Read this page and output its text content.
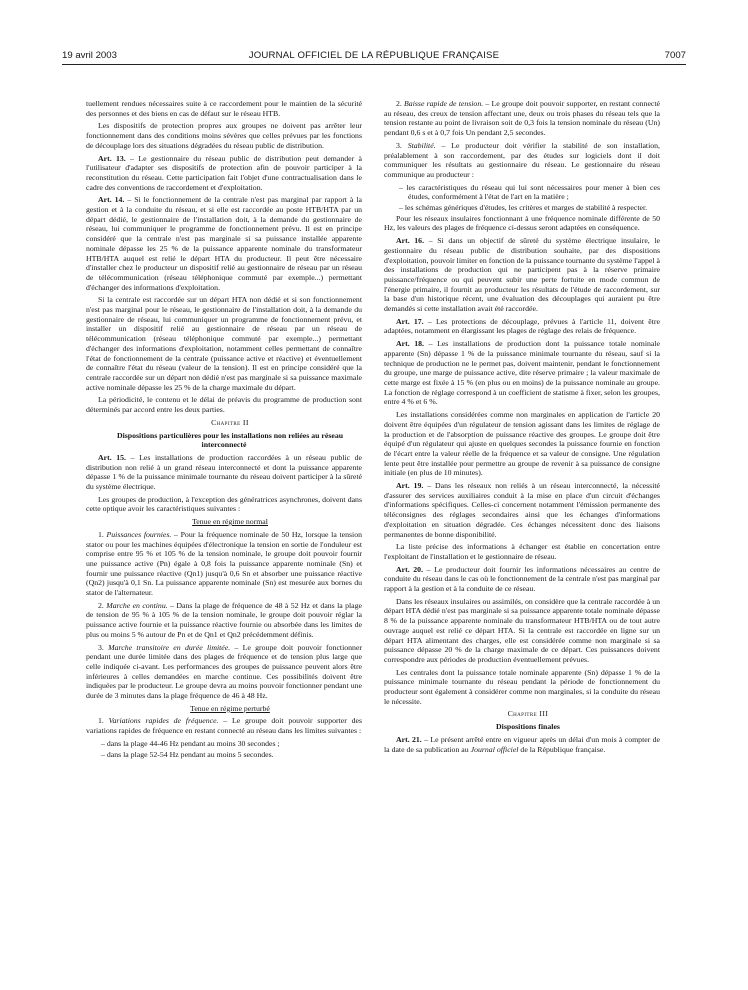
19 avril 2003	JOURNAL OFFICIEL DE LA RÉPUBLIQUE FRANÇAISE	7007

tuellement rendues nécessaires suite à ce raccordement pour le maintien de la sécurité des personnes et des biens en cas de défaut sur le réseau HTB.

Les dispositifs de protection propres aux groupes ne doivent pas arrêter leur fonctionnement dans des conditions moins sévères que celles prévues par les fonctions de découplage lors des situations dégradées du réseau public de distribution.

Art. 13. – Le gestionnaire du réseau public de distribution peut demander à l'utilisateur d'adapter ses dispositifs de protection afin de pouvoir participer à la reconstitution du réseau. Cette participation fait l'objet d'une contractualisation dans le cadre des conventions de raccordement et d'exploitation.

Art. 14. – Si le fonctionnement de la centrale n'est pas marginal par rapport à la gestion et à la conduite du réseau, et si elle est raccordée au poste HTB/HTA par un départ dédié, le gestionnaire de l'installation doit, à la demande du gestionnaire de réseau, lui communiquer le programme de fonctionnement prévu. Il est en principe considéré que la centrale n'est pas marginale si sa puissance installée apparente nominale dépasse les 25 % de la puissance apparente nominale du transformateur HTB/HTA auquel est relié le départ HTA du producteur. Il peut être nécessaire d'installer chez le producteur un dispositif relié au gestionnaire de réseau par un réseau de télécommunication (réseau téléphonique commuté par exemple...) permettant d'échanger des informations d'exploitation.

Si la centrale est raccordée sur un départ HTA non dédié et si son fonctionnement n'est pas marginal pour le réseau, le gestionnaire de l'installation doit, à la demande du gestionnaire de réseau, lui communiquer un programme de fonctionnement prévu, et installer un dispositif relié au gestionnaire de réseau par un réseau de télécommunication (réseau téléphonique commuté par exemple...) permettant d'échanger des informations d'exploitation, notamment celles permettant de connaître l'état de fonctionnement de la centrale (puissance active et réactive) et éventuellement de connaître l'état du réseau (valeur de la tension). Il est en principe considéré que la centrale raccordée sur un départ non dédié n'est pas marginale si sa puissance maximale active nominale dépasse les 25 % de la charge maximale du départ.

La périodicité, le contenu et le délai de préavis du programme de production sont déterminés par accord entre les deux parties.

Chapitre II

Dispositions particulières pour les installations non reliées au réseau interconnecté

Art. 15. – Les installations de production raccordées à un réseau public de distribution non relié à un grand réseau interconnecté et dont la puissance apparente dépasse 1 % de la puissance minimale tournante du réseau doivent participer à la sûreté du système électrique.

Les groupes de production, à l'exception des génératrices asynchrones, doivent dans cette optique avoir les caractéristiques suivantes :

Tenue en régime normal

1. Puissances fournies. – Pour la fréquence nominale de 50 Hz, lorsque la tension stator ou pour les machines équipées d'électronique la tension en sortie de l'onduleur est comprise entre 95 % et 105 % de la tension nominale, le groupe doit pouvoir fournir une puissance active (Pn) égale à 0,8 fois la puissance apparente nominale (Sn) et fournir une puissance réactive (Qn1) jusqu'à 0,6 Sn et absorber une puissance réactive (Qn2) jusqu'à 0,1 Sn. La puissance apparente nominale (Sn) est mesurée aux bornes du stator de l'alternateur.

2. Marche en continu. – Dans la plage de fréquence de 48 à 52 Hz et dans la plage de tension de 95 % à 105 % de la tension nominale, le groupe doit pouvoir réglar la puissance active fournie et la puissance réactive fournie ou absorbée dans les limites de plus ou moins 5 % autour de Pn et de Qn1 et Qn2 précédemment définis.

3. Marche transitoire en durée limitée. – Le groupe doit pouvoir fonctionner pendant une durée limitée dans des plages de fréquence et de tension plus large que celle indiquée ci-avant. Les performances des groupes de puissance peuvent alors être inférieures à celles demandées en marche continue. Ces possibilités doivent être indiquées par le producteur. Le groupe devra au moins pouvoir fonctionner pendant une durée de 3 minutes dans la plage fréquence de 46 à 48 Hz.

Tenue en régime perturbé

1. Variations rapides de fréquence. – Le groupe doit pouvoir supporter des variations rapides de fréquence en restant connecté au réseau dans les limites suivantes :

– dans la plage 44-46 Hz pendant au moins 30 secondes ;

– dans la plage 52-54 Hz pendant au moins 5 secondes.

2. Baisse rapide de tension. – Le groupe doit pouvoir supporter, en restant connecté au réseau, des creux de tension affectant une, deux ou trois phases du réseau tels que la tension restante au point de livraison soit de 0,3 fois la tension nominale du réseau (Un) pendant 0,6 s et à 0,7 fois Un pendant 2,5 secondes.

3. Stabilité. – Le producteur doit vérifier la stabilité de son installation, préalablement à son raccordement, par des études sur logiciels dont il doit communiquer les résultats au gestionnaire du réseau. Le gestionnaire du réseau communique au producteur :

– les caractéristiques du réseau qui lui sont nécessaires pour mener à bien ces études, conformément à l'état de l'art en la matière ;

– les schémas génériques d'études, les critères et marges de stabilité à respecter.

Pour les réseaux insulaires fonctionnant à une fréquence nominale différente de 50 Hz, les valeurs des plages de fréquence ci-dessus seront adaptées en conséquence.

Art. 16. – Si dans un objectif de sûreté du système électrique insulaire, le gestionnaire du réseau public de distribution souhaite, par des dispositions d'exploitation, pouvoir limiter en fonction de la puissance tournante du système l'appel à des installations de production qui ne participent pas à la réserve primaire puissance/fréquence ou qui peuvent subir une perte fortuite en mode commun de l'énergie primaire, il fournit au producteur les résultats de l'étude de raccordement, sur la base d'un historique récent, une évaluation des découplages qui auraient pu être demandés si cette installation avait été raccordée.

Art. 17. – Les protections de découplage, prévues à l'article 11, doivent être adaptées, notamment en élargissant les plages de réglage des relais de fréquence.

Art. 18. – Les installations de production dont la puissance totale nominale apparente (Sn) dépasse 1 % de la puissance minimale tournante du réseau, sauf si la technique de production ne le permet pas, doivent maintenir, pendant le fonctionnement du groupe, une marge de puissance active, dite réserve primaire ; la valeur maximale de cette marge est fixée à 15 % (en plus ou en moins) de la puissance nominale au groupe. La fonction de réglage correspond à un coefficient de statisme à fixer, selon les groupes, entre 4 % et 6 %.

Les installations considérées comme non marginales en application de l'article 20 doivent être équipées d'un régulateur de tension agissant dans les limites de réglage de la production et de l'absorption de puissance réactive des groupes. Le groupe doit être équipé d'un régulateur qui ajuste en quelques secondes la puissance fournie en fonction de l'écart entre la valeur réelle de la fréquence et sa valeur de consigne. Une régulation lente peut être installée pour permettre au groupe de revenir à sa puissance de consigne initiale (en plus de 10 minutes).

Art. 19. – Dans les réseaux non reliés à un réseau interconnecté, la nécessité d'assurer des services auxiliaires conduit à la mise en place d'un circuit d'échanges d'informations spécifiques. Celles-ci concernent notamment l'émission permanente des téléconsignes des réglages secondaires ainsi que les échanges d'informations d'exploitation en situation dégradée. Ces échanges nécessitent donc des liaisons permanentes de bonne disponibilité.

La liste précise des informations à échanger est établie en concertation entre l'exploitant de l'installation et le gestionnaire de réseau.

Art. 20. – Le producteur doit fournir les informations nécessaires au centre de conduite du réseau dans le cas où le fonctionnement de la centrale n'est pas marginal par rapport à la gestion et à la conduite de ce réseau.

Dans les réseaux insulaires ou assimilés, on considère que la centrale raccordée à un départ HTA dédié n'est pas marginale si sa puissance apparente totale nominale dépasse 8 % de la puissance apparente nominale du transformateur HTB/HTA ou de tout autre ouvrage auquel est relié ce départ HTA. Si la centrale est raccordée en ligne sur un départ HTA alimentant des charges, elle est considérée comme non marginale si sa puissance dépasse 20 % de la charge maximale de ce départ. Ces puissances doivent correspondre aux périodes de production éventuellement prévues.

Les centrales dont la puissance totale nominale apparente (Sn) dépasse 1 % de la puissance minimale tournante du réseau pendant la période de fonctionnement du producteur sont également à considérer comme non marginales, si la conduite du réseau le nécessite.

Chapitre III

Dispositions finales

Art. 21. – Le présent arrêté entre en vigueur après un délai d'un mois à compter de la date de sa publication au Journal officiel de la République française.
